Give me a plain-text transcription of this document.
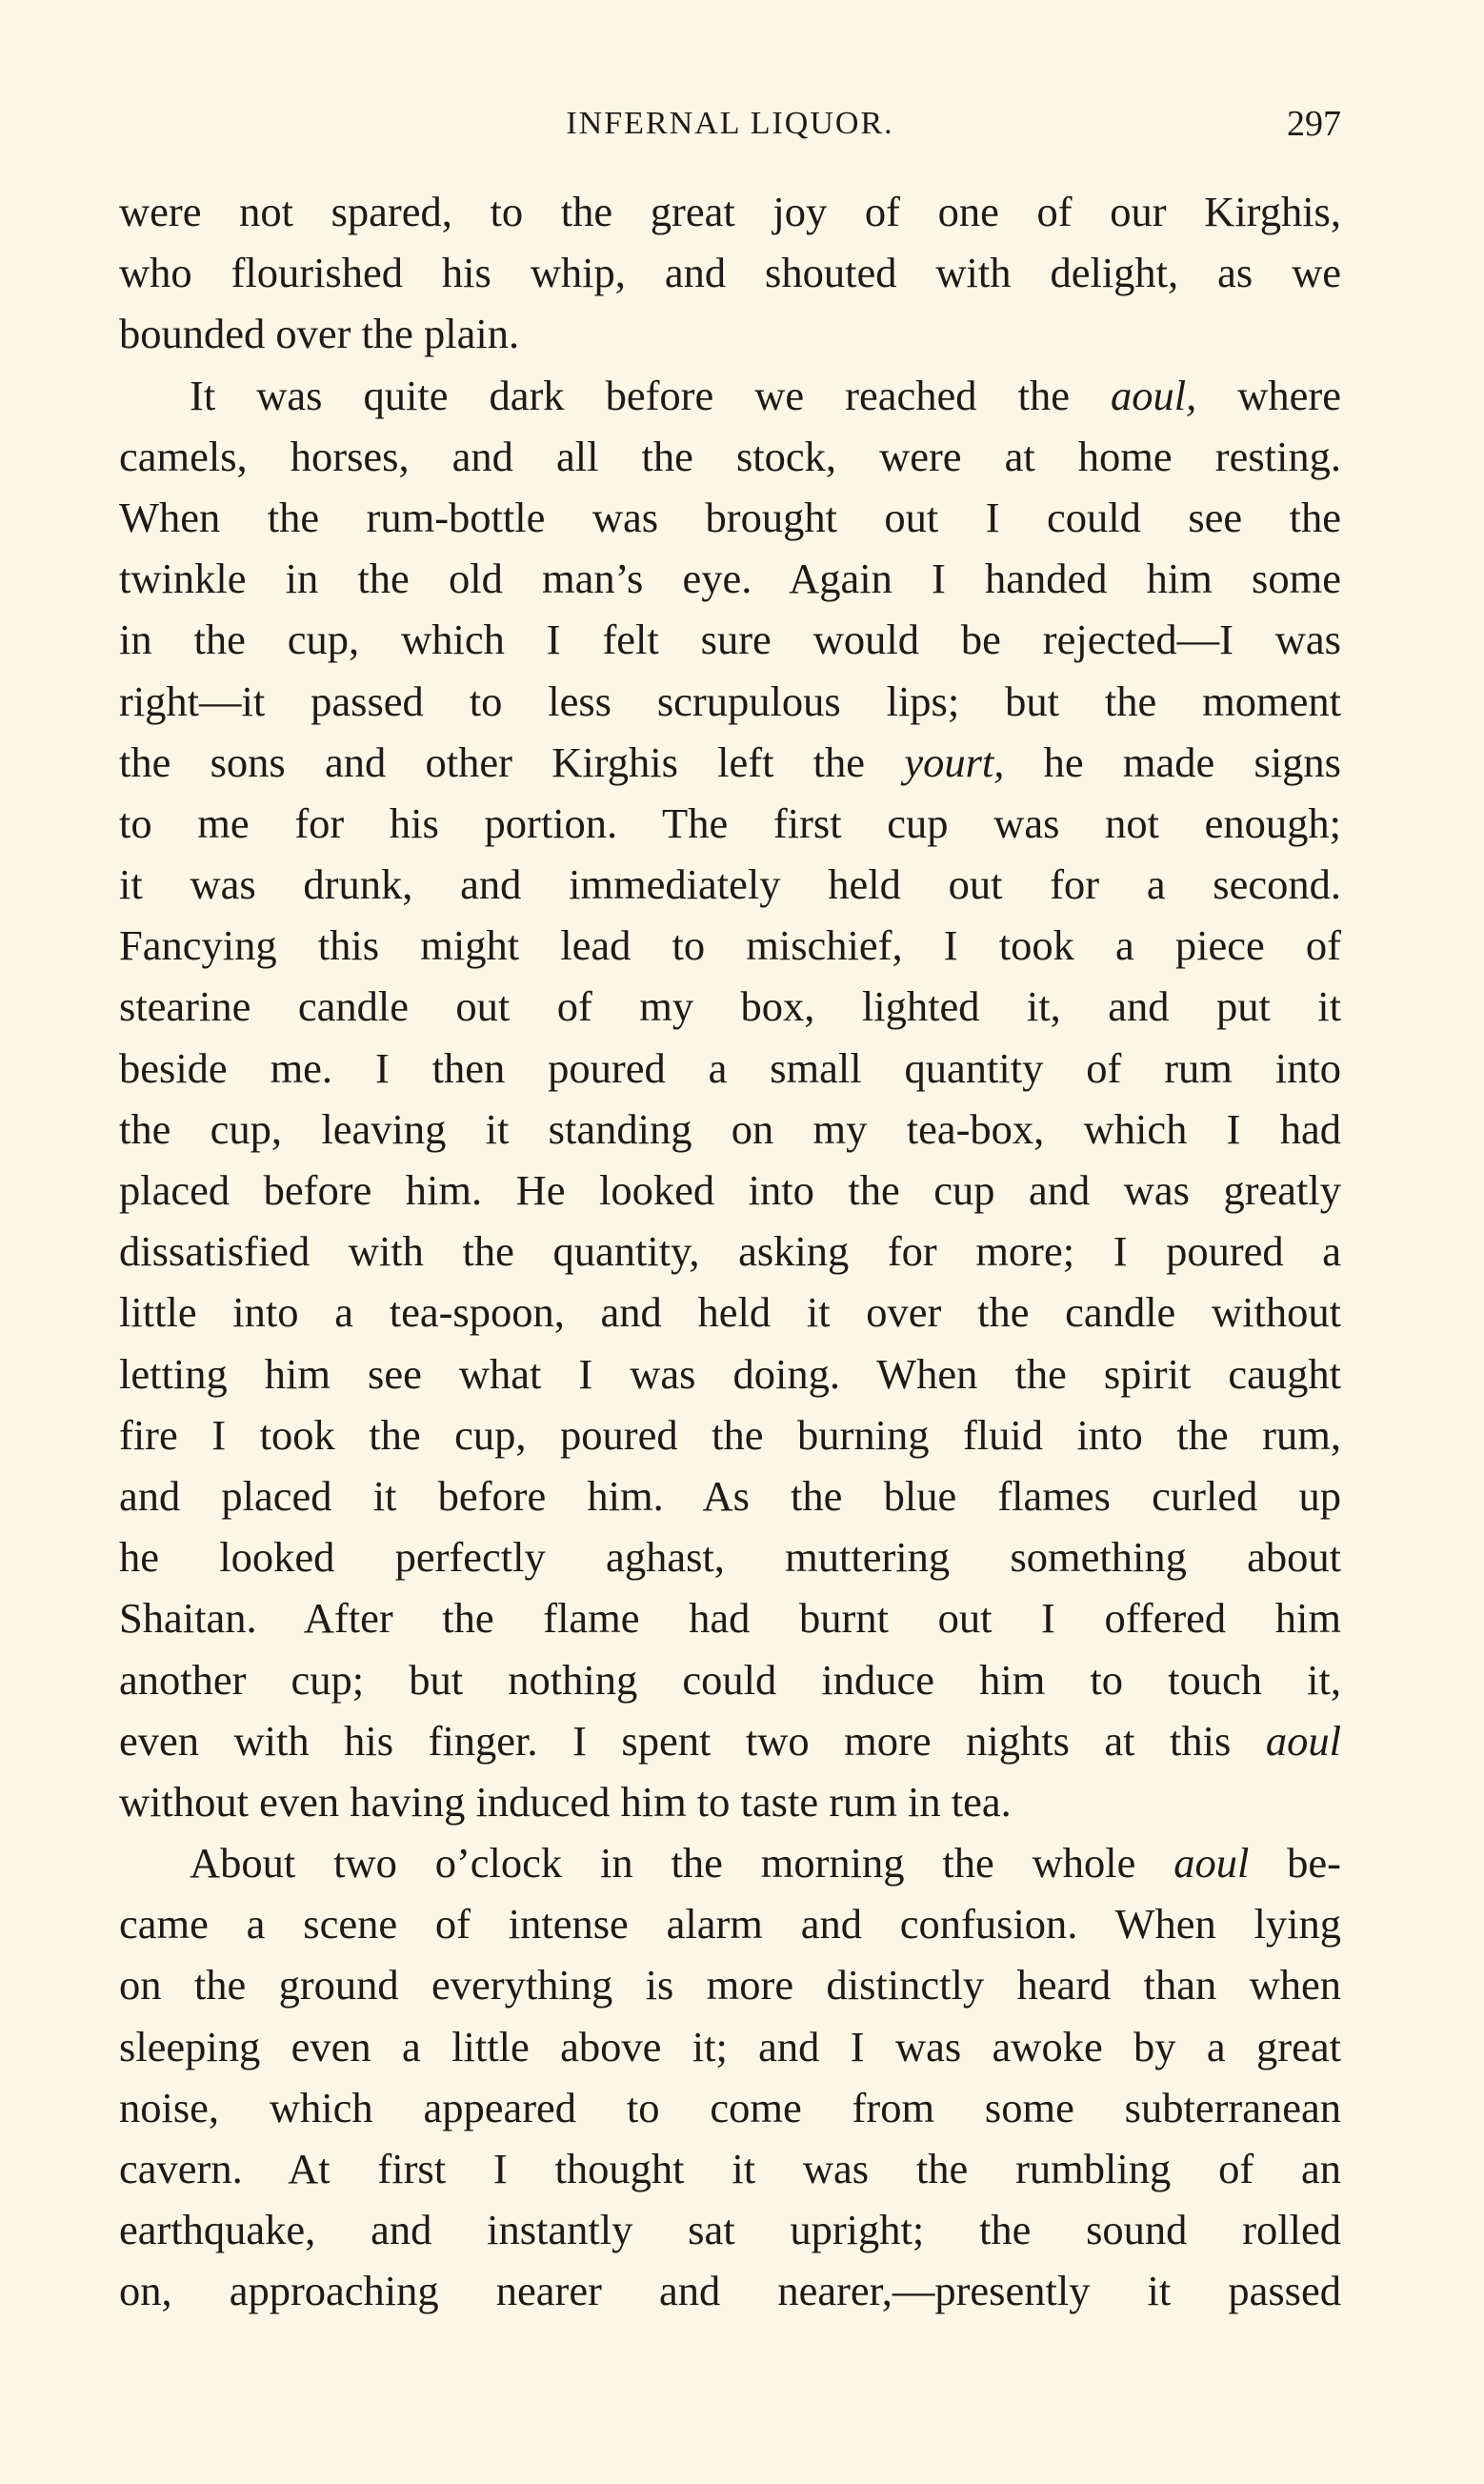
INFERNAL LIQUOR.	297
were not spared, to the great joy of one of our Kirghis,
who flourished his whip, and shouted with delight, as we
bounded over the plain.
It was quite dark before we reached the aoul, where
camels, horses, and all the stock, were at home resting.
When the rum-bottle was brought out I could see the
twinkle in the old man’s eye. Again I handed him some
in the cup, which I felt sure would be rejected—I was
right—it passed to less scrupulous lips; but the moment
the sons and other Kirghis left the yourt, he made signs
to me for his portion. The first cup was not enough;
it was drunk, and immediately held out for a second.
Fancying this might lead to mischief, I took a piece of
stearine candle out of my box, lighted it, and put it
beside me. I then poured a small quantity of rum into
the cup, leaving it standing on my tea-box, which I had
placed before him. He looked into the cup and was greatly
dissatisfied with the quantity, asking for more; I poured a
little into a tea-spoon, and held it over the candle without
letting him see what I was doing. When the spirit caught
fire I took the cup, poured the burning fluid into the rum,
and placed it before him. As the blue flames curled up
he looked perfectly aghast, muttering something about
Shaitan. After the flame had burnt out I offered him
another cup; but nothing could induce him to touch it,
even with his finger. I spent two more nights at this aoul
without even having induced him to taste rum in tea.
About two o’clock in the morning the whole aoul be-
came a scene of intense alarm and confusion. When lying
on the ground everything is more distinctly heard than when
sleeping even a little above it; and I was awoke by a great
noise, which appeared to come from some subterranean
cavern. At first I thought it was the rumbling of an
earthquake, and instantly sat upright; the sound rolled
on, approaching nearer and nearer,—presently it passed
